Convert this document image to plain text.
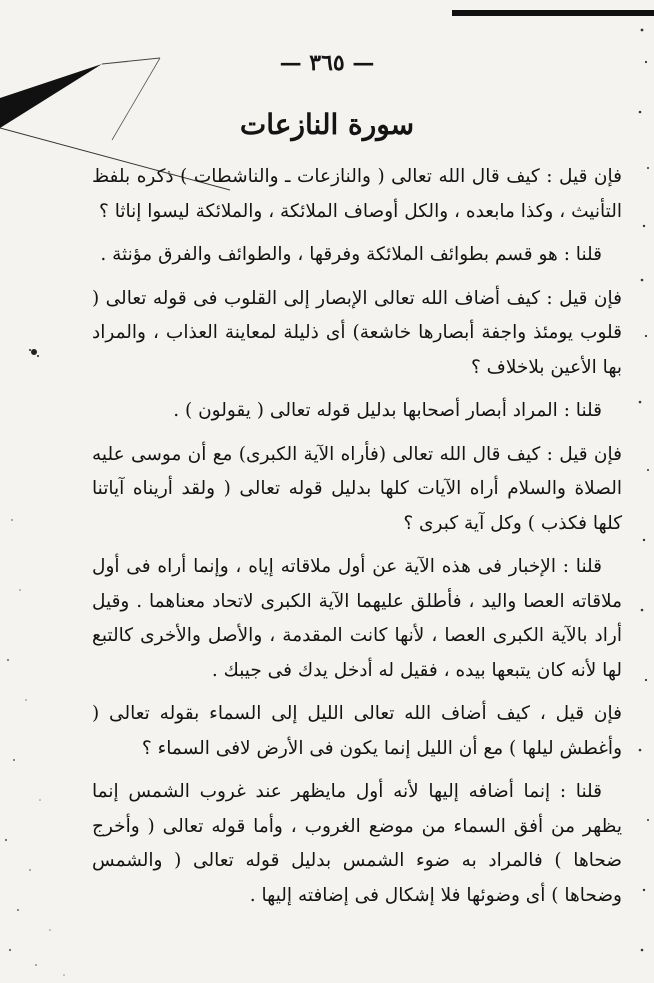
— ٣٦٥ —
سورة النازعات

فإن قيل : كيف قال الله تعالى ( والنازعات ـ والناشطات ) ذكره بلفظ التأنيث ، وكذا مابعده ، والكل أوصاف الملائكة ، والملائكة ليسوا إناثا ؟

قلنا : هو قسم بطوائف الملائكة وفرقها ، والطوائف والفرق مؤنثة .

فإن قيل : كيف أضاف الله تعالى الإبصار إلى القلوب فى قوله تعالى ( قلوب يومئذ واجفة أبصارها خاشعة) أى ذليلة لمعاينة العذاب ، والمراد بها الأعين بلاخلاف ؟

قلنا : المراد أبصار أصحابها بدليل قوله تعالى ( يقولون ) .

فإن قيل : كيف قال الله تعالى (فأراه الآية الكبرى) مع أن موسى عليه الصلاة والسلام أراه الآيات كلها بدليل قوله تعالى ( ولقد أريناه آياتنا كلها فكذب ) وكل آية كبرى ؟

قلنا : الإخبار فى هذه الآية عن أول ملاقاته إياه ، وإنما أراه فى أول ملاقاته العصا واليد ، فأطلق عليهما الآية الكبرى لاتحاد معناهما . وقيل أراد بالآية الكبرى العصا ، لأنها كانت المقدمة ، والأصل والأخرى كالتبع لها لأنه كان يتبعها بيده ، فقيل له أدخل يدك فى جيبك .

فإن قيل ، كيف أضاف الله تعالى الليل إلى السماء بقوله تعالى ( وأغطش ليلها ) مع أن الليل إنما يكون فى الأرض لافى السماء ؟

قلنا : إنما أضافه إليها لأنه أول مايظهر عند غروب الشمس إنما يظهر من أفق السماء من موضع الغروب ، وأما قوله تعالى ( وأخرج ضحاها ) فالمراد به ضوء الشمس بدليل قوله تعالى ( والشمس وضحاها ) أى وضوئها فلا إشكال فى إضافته إليها .
